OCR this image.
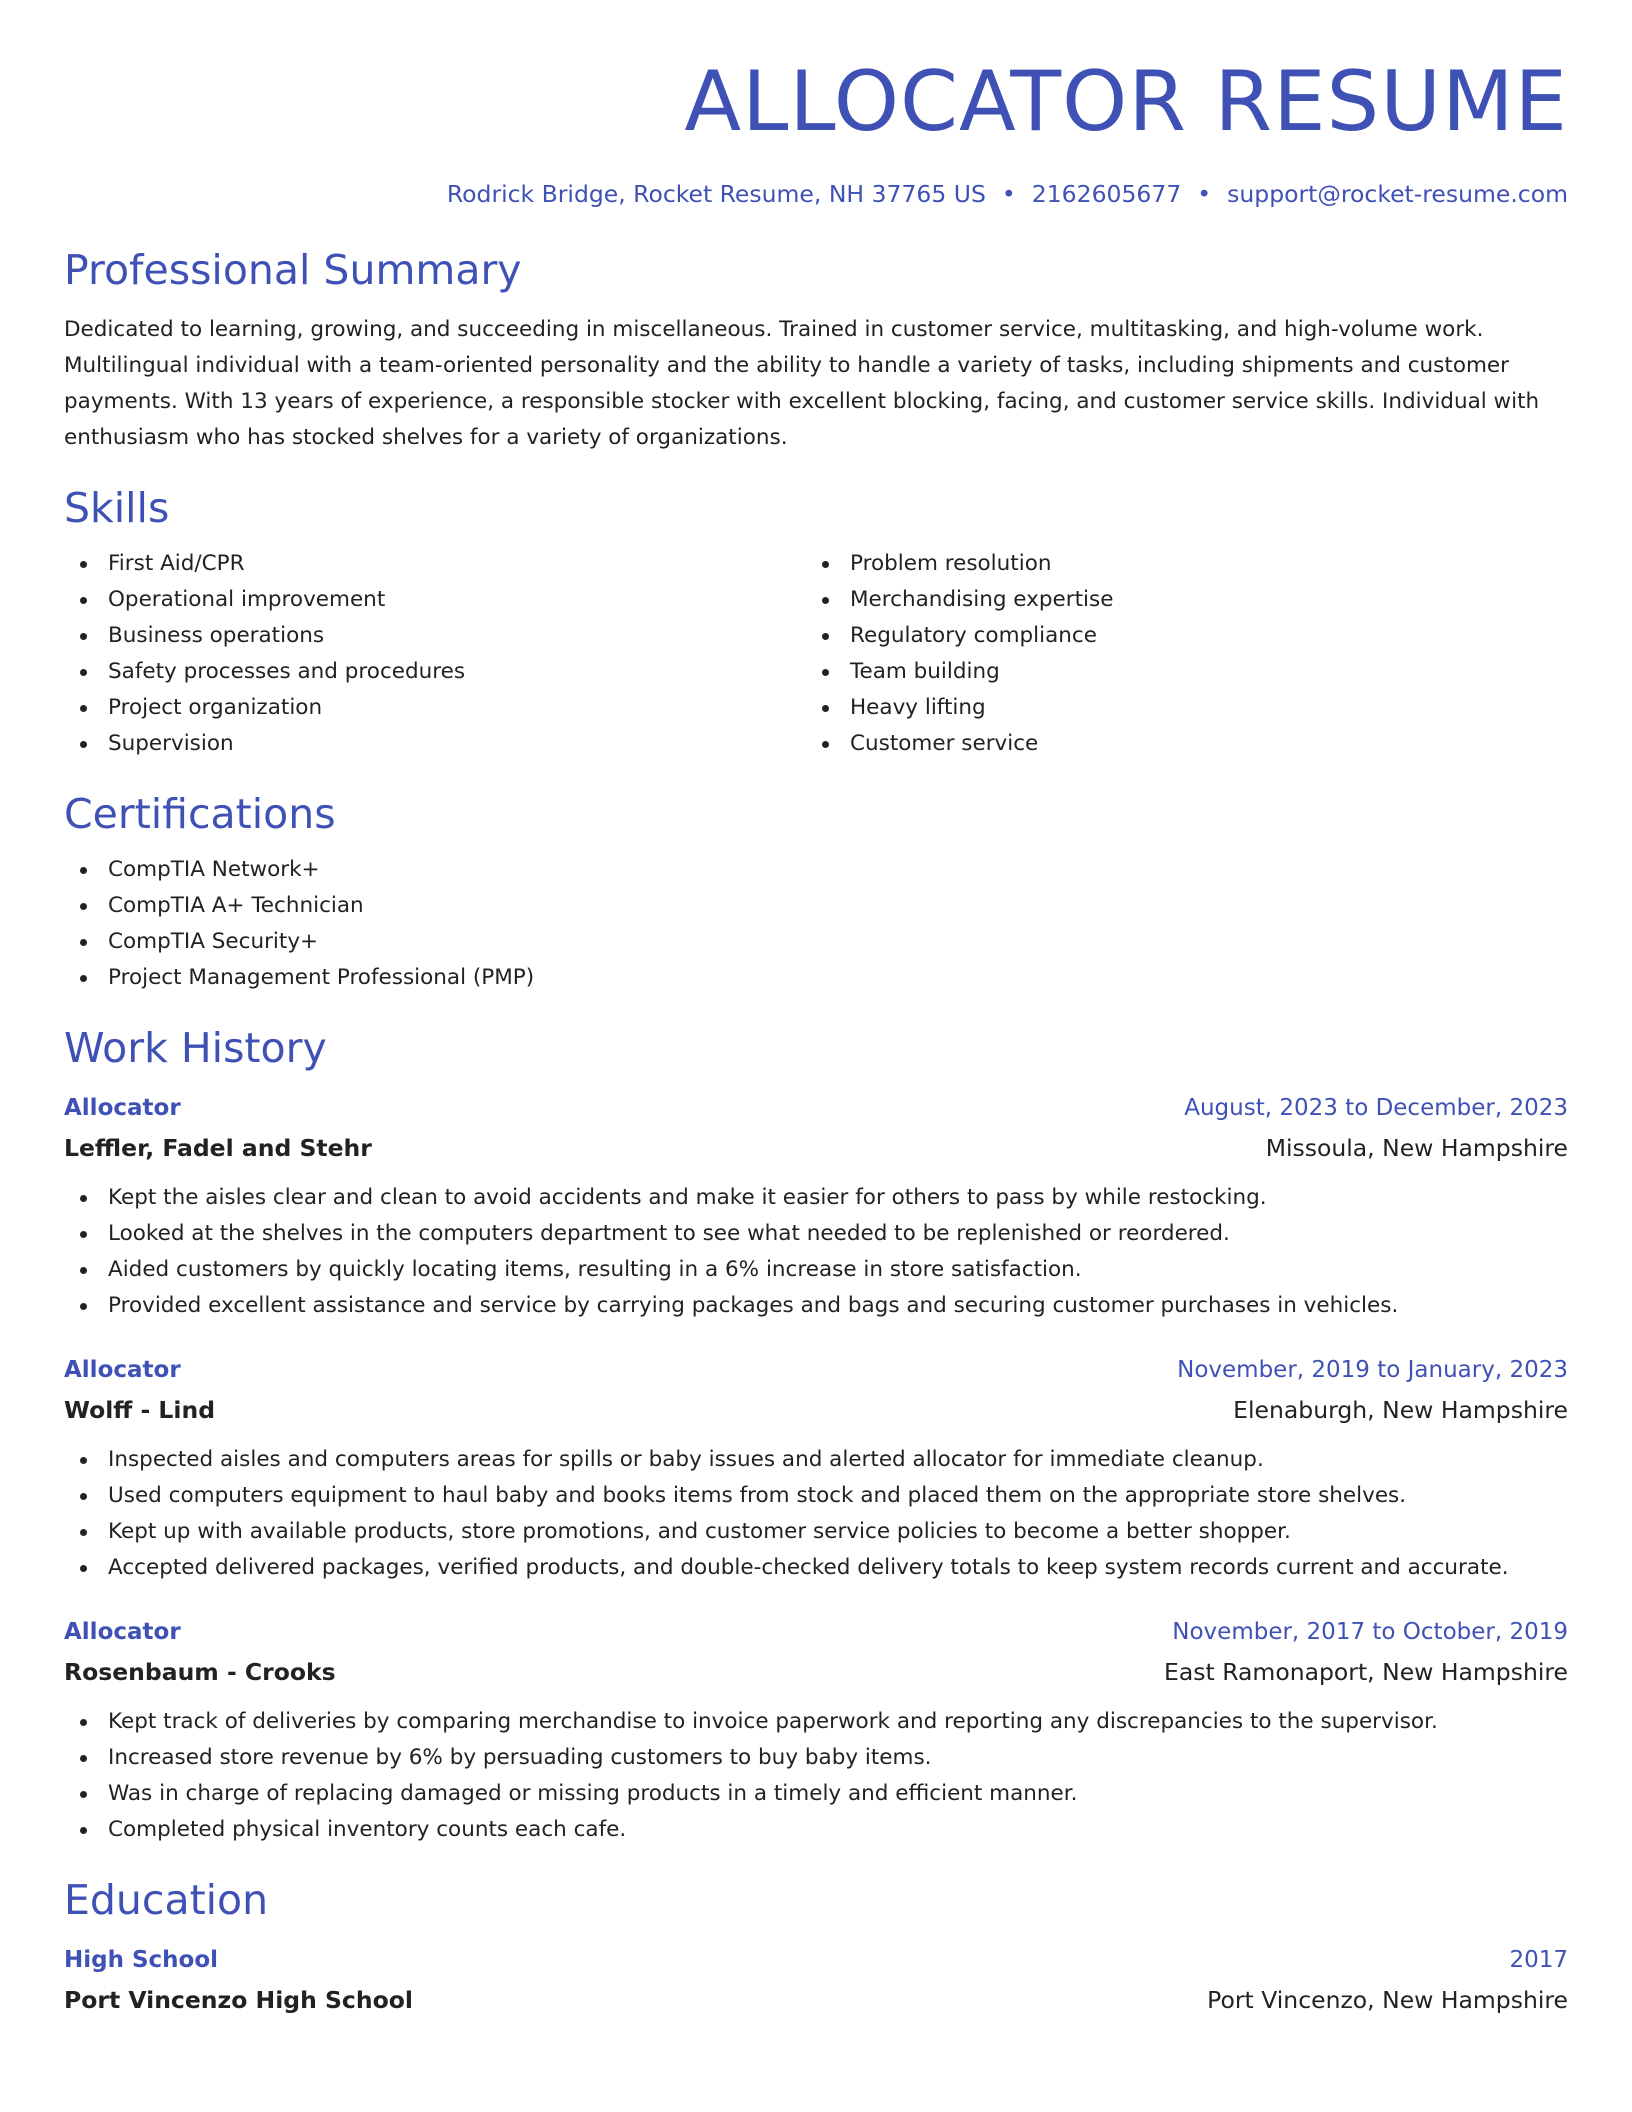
ALLOCATOR RESUME
Rodrick Bridge, Rocket Resume, NH 37765 US • 2162605677 • support@rocket-resume.com
Professional Summary

Dedicated to learning, growing, and succeeding in miscellaneous. Trained in customer service, multitasking, and high-volume work. Multilingual individual with a team-oriented personality and the ability to handle a variety of tasks, including shipments and customer payments. With 13 years of experience, a responsible stocker with excellent blocking, facing, and customer service skills. Individual with enthusiasm who has stocked shelves for a variety of organizations.

Skills
First Aid/CPR
Operational improvement
Business operations
Safety processes and procedures
Project organization
Supervision
Problem resolution
Merchandising expertise
Regulatory compliance
Team building
Heavy lifting
Customer service
Certifications
CompTIA Network+
CompTIA A+ Technician
CompTIA Security+
Project Management Professional (PMP)
Work History
Allocator	August, 2023 to December, 2023
Leffler, Fadel and Stehr	Missoula, New Hampshire
Kept the aisles clear and clean to avoid accidents and make it easier for others to pass by while restocking.
Looked at the shelves in the computers department to see what needed to be replenished or reordered.
Aided customers by quickly locating items, resulting in a 6% increase in store satisfaction.
Provided excellent assistance and service by carrying packages and bags and securing customer purchases in vehicles.
Allocator	November, 2019 to January, 2023
Wolff - Lind	Elenaburgh, New Hampshire
Inspected aisles and computers areas for spills or baby issues and alerted allocator for immediate cleanup.
Used computers equipment to haul baby and books items from stock and placed them on the appropriate store shelves.
Kept up with available products, store promotions, and customer service policies to become a better shopper.
Accepted delivered packages, verified products, and double-checked delivery totals to keep system records current and accurate.
Allocator	November, 2017 to October, 2019
Rosenbaum - Crooks	East Ramonaport, New Hampshire
Kept track of deliveries by comparing merchandise to invoice paperwork and reporting any discrepancies to the supervisor.
Increased store revenue by 6% by persuading customers to buy baby items.
Was in charge of replacing damaged or missing products in a timely and efficient manner.
Completed physical inventory counts each cafe.
Education
High School	2017
Port Vincenzo High School	Port Vincenzo, New Hampshire
